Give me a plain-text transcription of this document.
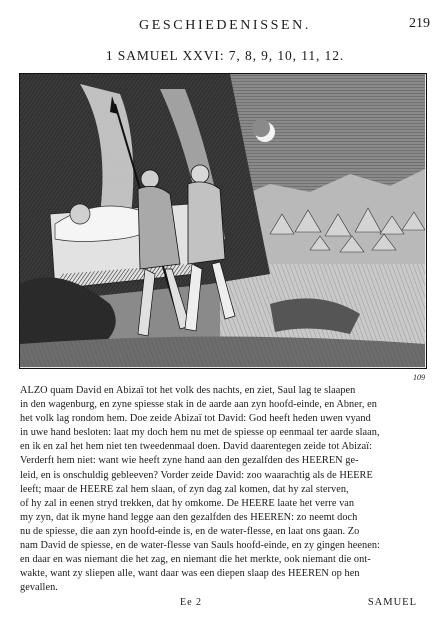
GESCHIEDENISSEN.	219
1 SAMUEL XXVI: 7, 8, 9, 10, 11, 12.
109
ALZO quam David en Abizaï tot het volk des nachts, en ziet, Saul lag te slaapen
in den wagenburg, en zyne spiesse stak in de aarde aan zyn hoofd-einde, en Abner, en
het volk lag rondom hem. Doe zeide Abizaï tot David: God heeft heden uwen vyand
in uwe hand besloten: laat my doch hem nu met de spiesse op eenmaal ter aarde slaan,
en ik en zal het hem niet ten tweedenmaal doen. David daarentegen zeide tot Abizaï:
Verderft hem niet: want wie heeft zyne hand aan den gezalfden des HEEREN ge-
leid, en is onschuldig gebleeven? Vorder zeide David: zoo waarachtig als de HEERE
leeft; maar de HEERE zal hem slaan, of zyn dag zal komen, dat hy zal sterven,
of hy zal in eenen stryd trekken, dat hy omkome. De HEERE laate het verre van
my zyn, dat ik myne hand legge aan den gezalfden des HEEREN: zo neemt doch
nu de spiesse, die aan zyn hoofd-einde is, en de water-flesse, en laat ons gaan. Zo
nam David de spiesse, en de water-flesse van Sauls hoofd-einde, en zy gingen heenen:
en daar en was niemant die het zag, en niemant die het merkte, ook niemant die ont-
wakte, want zy sliepen alle, want daar was een diepen slaap des HEEREN op hen
gevallen.
Ee 2	SAMUEL
